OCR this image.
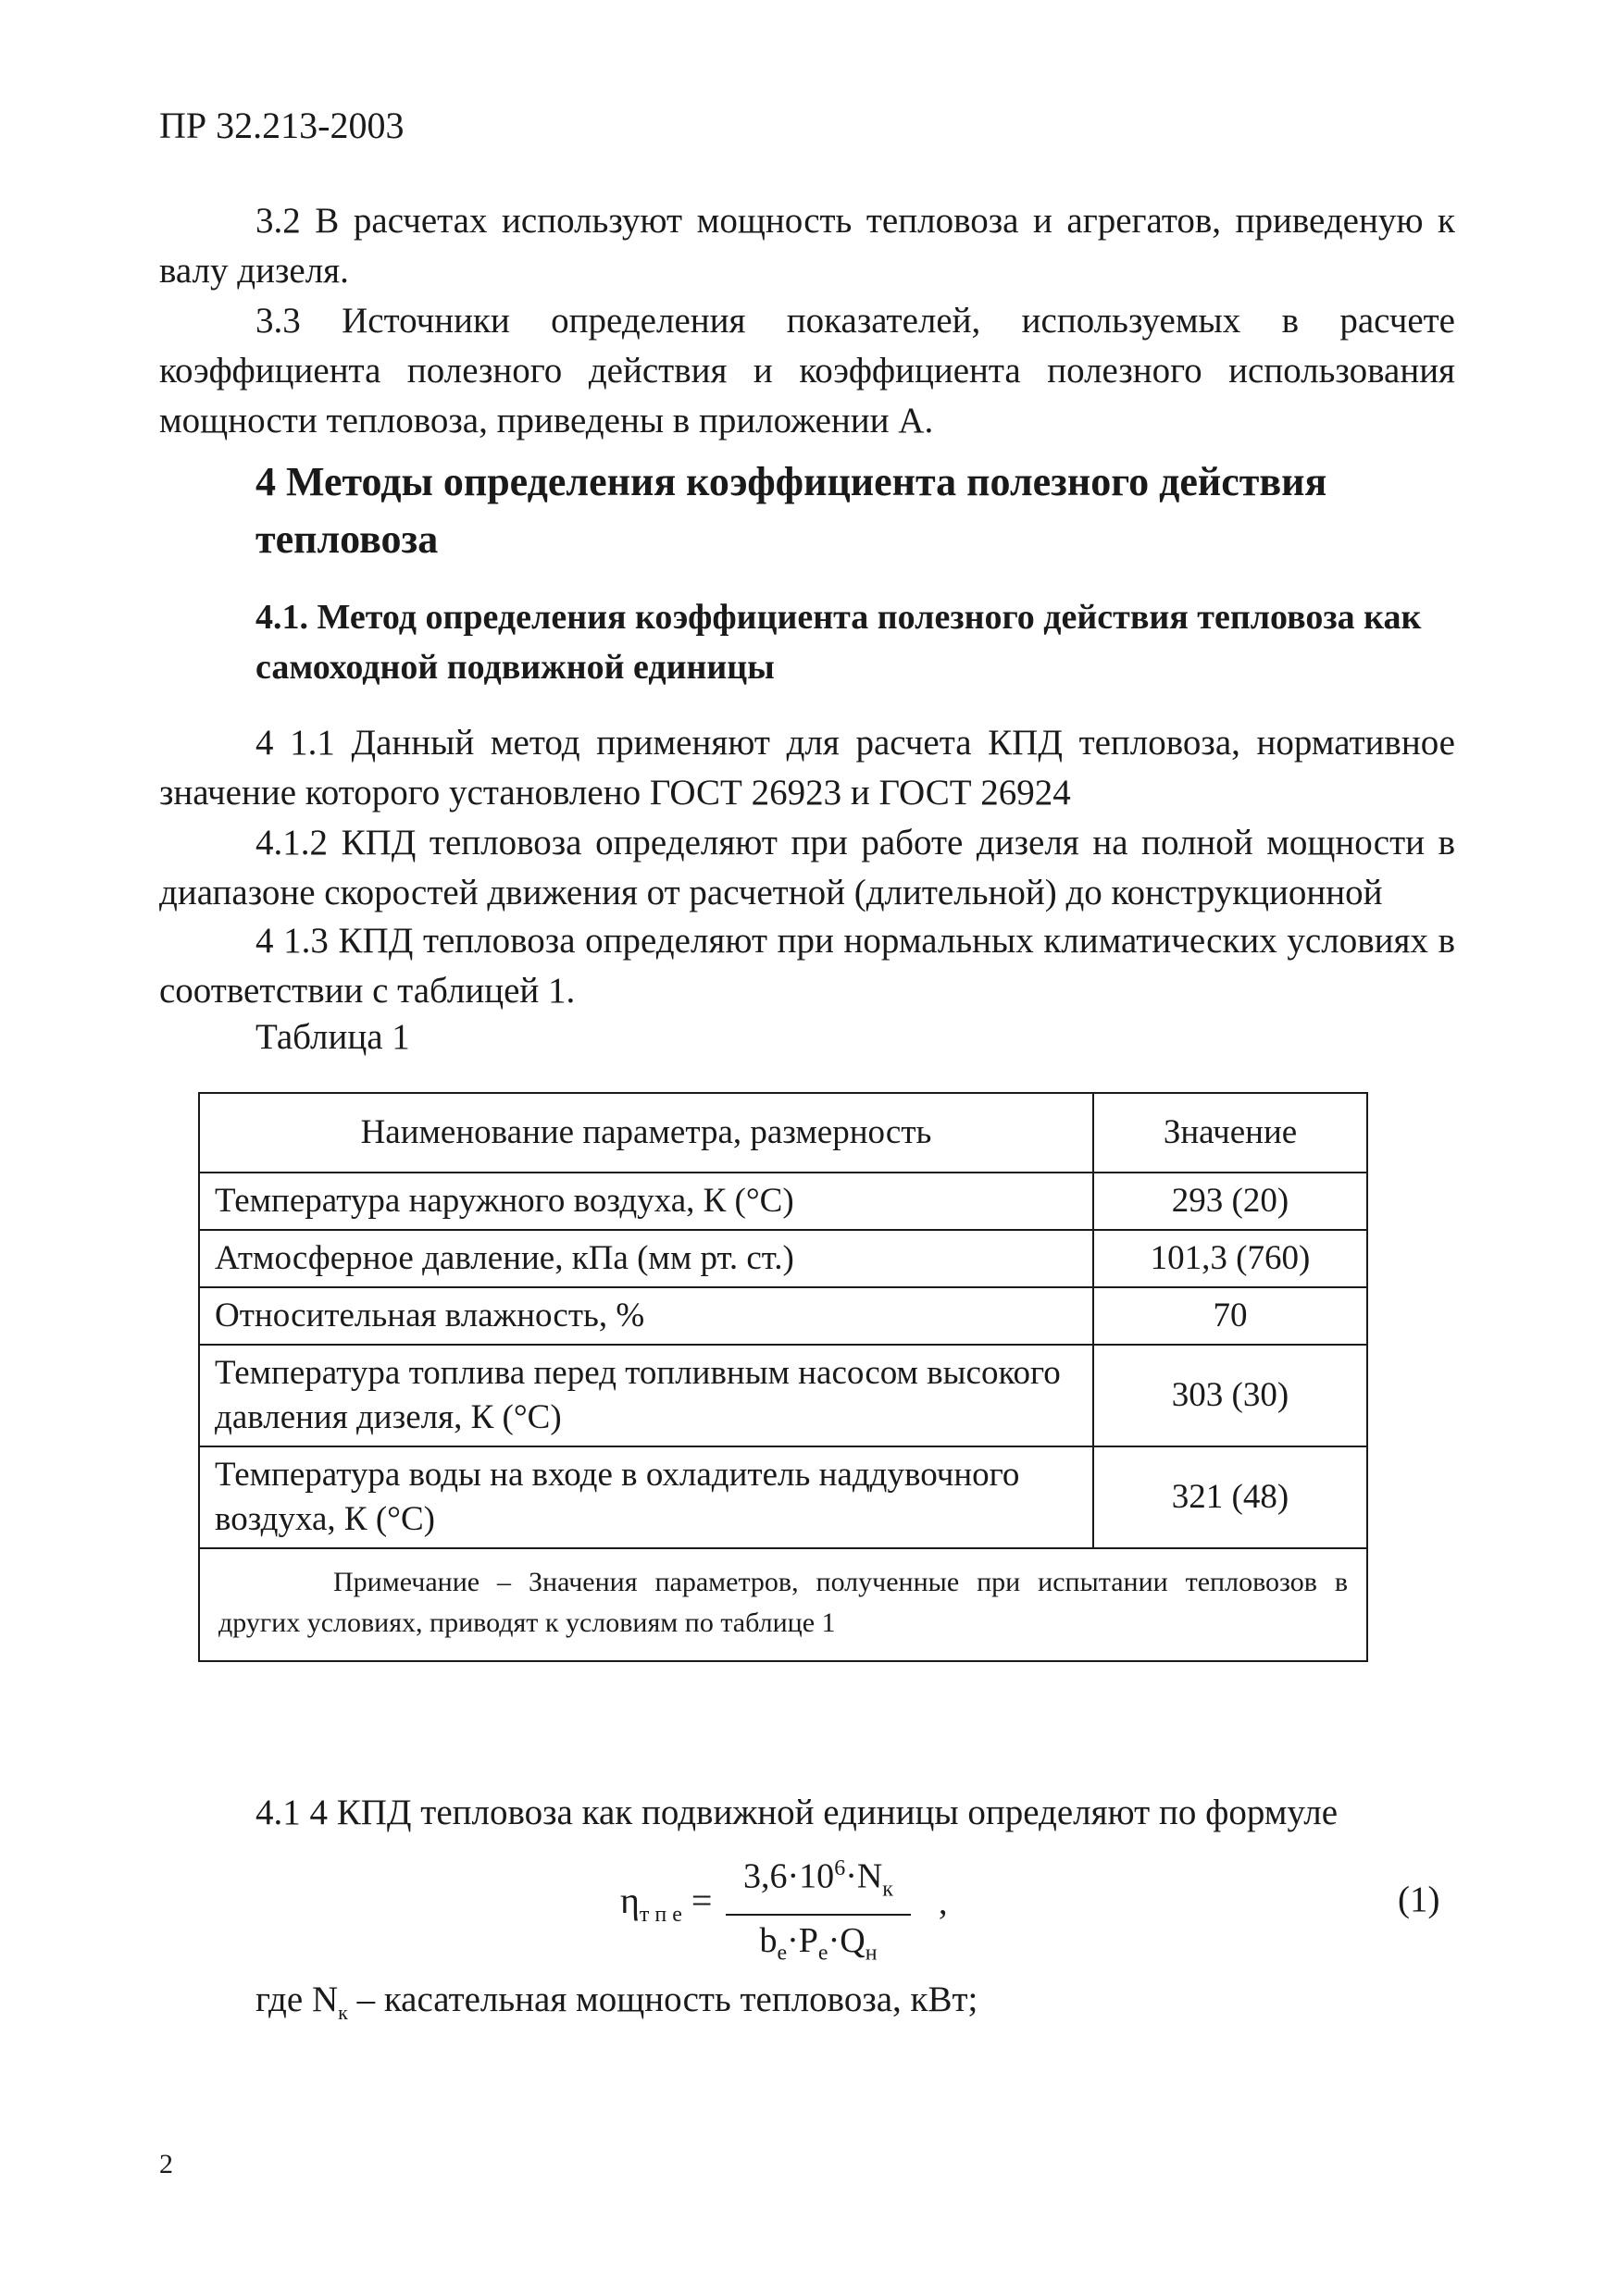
ПР 32.213-2003
3.2 В расчетах используют мощность тепловоза и агрегатов, приведеную к валу дизеля.
3.3 Источники определения показателей, используемых в расчете коэффициента полезного действия и коэффициента полезного использования мощности тепловоза, приведены в приложении А.
4 Методы определения коэффициента полезного действия тепловоза
4.1. Метод определения коэффициента полезного действия тепловоза как самоходной подвижной единицы
4 1.1 Данный метод применяют для расчета КПД тепловоза, нормативное значение которого установлено ГОСТ 26923 и ГОСТ 26924
4.1.2 КПД тепловоза определяют при работе дизеля на полной мощности в диапазоне скоростей движения от расчетной (длительной) до конструкционной
4 1.3 КПД тепловоза определяют при нормальных климатических условиях в соответствии с таблицей 1.
Таблица 1
Наименование параметра, размерность	Значение
Температура наружного воздуха, К (°С)	293 (20)
Атмосферное давление, кПа (мм рт. ст.)	101,3 (760)
Относительная влажность, %	70
Температура топлива перед топливным насосом высокого давления дизеля, К (°С)	303 (30)
Температура воды на входе в охладитель наддувочного воздуха, К (°С)	321 (48)
Примечание – Значения параметров, полученные при испытании тепловозов в других условиях, приводят к условиям по таблице 1	
4.1 4 КПД тепловоза как подвижной единицы определяют по формуле
$\eta_{т п е}$ =
$3,6\cdot 10^6\cdot N_к$
$b_e\cdot P_e\cdot Q_н$
,	(1)
где $N_к$ – касательная мощность тепловоза, кВт;
2
